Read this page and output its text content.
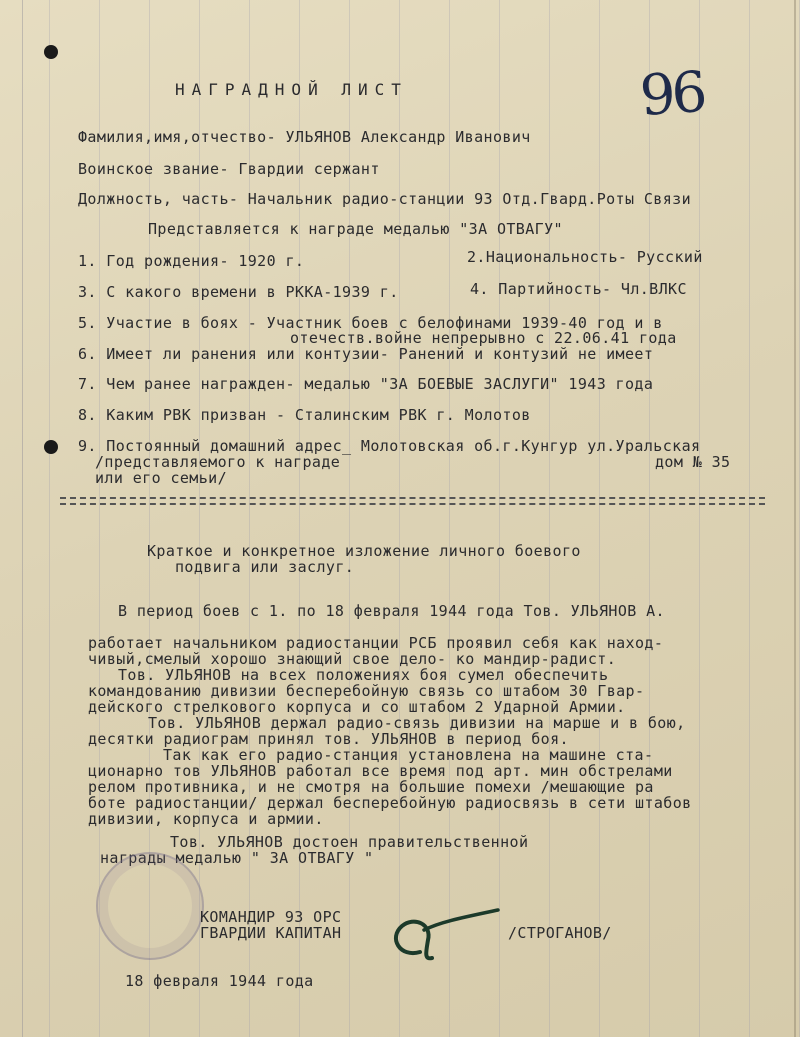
НАГРАДНОЙ ЛИСТ	96
Фамилия,имя,отчество- УЛЬЯНОВ Александр Иванович
Воинское звание- Гвардии сержант
Должность, часть- Начальник радио-станции 93 Отд.Гвард.Роты Связи
Представляется к награде медалью "ЗА ОТВАГУ"
1. Год рождения- 1920 г.	2.Национальность- Русский
3. С какого времени в РККА-1939 г.	4. Партийность- Чл.ВЛКС
5. Участие в боях - Участник боев с белофинами 1939-40 год и в
отечеств.войне непрерывно с 22.06.41 года
6. Имеет ли ранения или контузии- Ранений и контузий не имеет
7. Чем ранее награжден- медалью "ЗА БОЕВЫЕ ЗАСЛУГИ" 1943 года
8. Каким РВК призван - Сталинским РВК г. Молотов
9. Постоянный домашний адрес_ Молотовская об.г.Кунгур ул.Уральская
/представляемого к награде	дом № 35
или его семьи/
Краткое и конкретное изложение личного боевого
подвига или заслуг.
В период боев с 1. по 18 февраля 1944 года Тов. УЛЬЯНОВ А.
работает начальником радиостанции РСБ проявил себя как наход-
чивый,смелый хорошо знающий свое дело- ко мандир-радист.
Тов. УЛЬЯНОВ на всех положениях боя сумел обеспечить
командованию дивизии бесперебойную связь со штабом 30 Гвар-
дейского стрелкового корпуса и со штабом 2 Ударной Армии.
Тов. УЛЬЯНОВ держал радио-связь дивизии на марше и в бою,
десятки радиограм принял тов. УЛЬЯНОВ в период боя.
Так как его радио-станция установлена на машине ста-
ционарно тов УЛЬЯНОВ работал все время под арт. мин обстрелами
релом противника, и не смотря на большие помехи /мешающие ра
боте радиостанции/ держал бесперебойную радиосвязь в сети штабов
дивизии, корпуса и армии.
Тов. УЛЬЯНОВ достоен правительственной
награды медалью " ЗА ОТВАГУ "
КОМАНДИР 93 ОРС
ГВАРДИИ КАПИТАН	/СТРОГАНОВ/
18 февраля 1944 года
